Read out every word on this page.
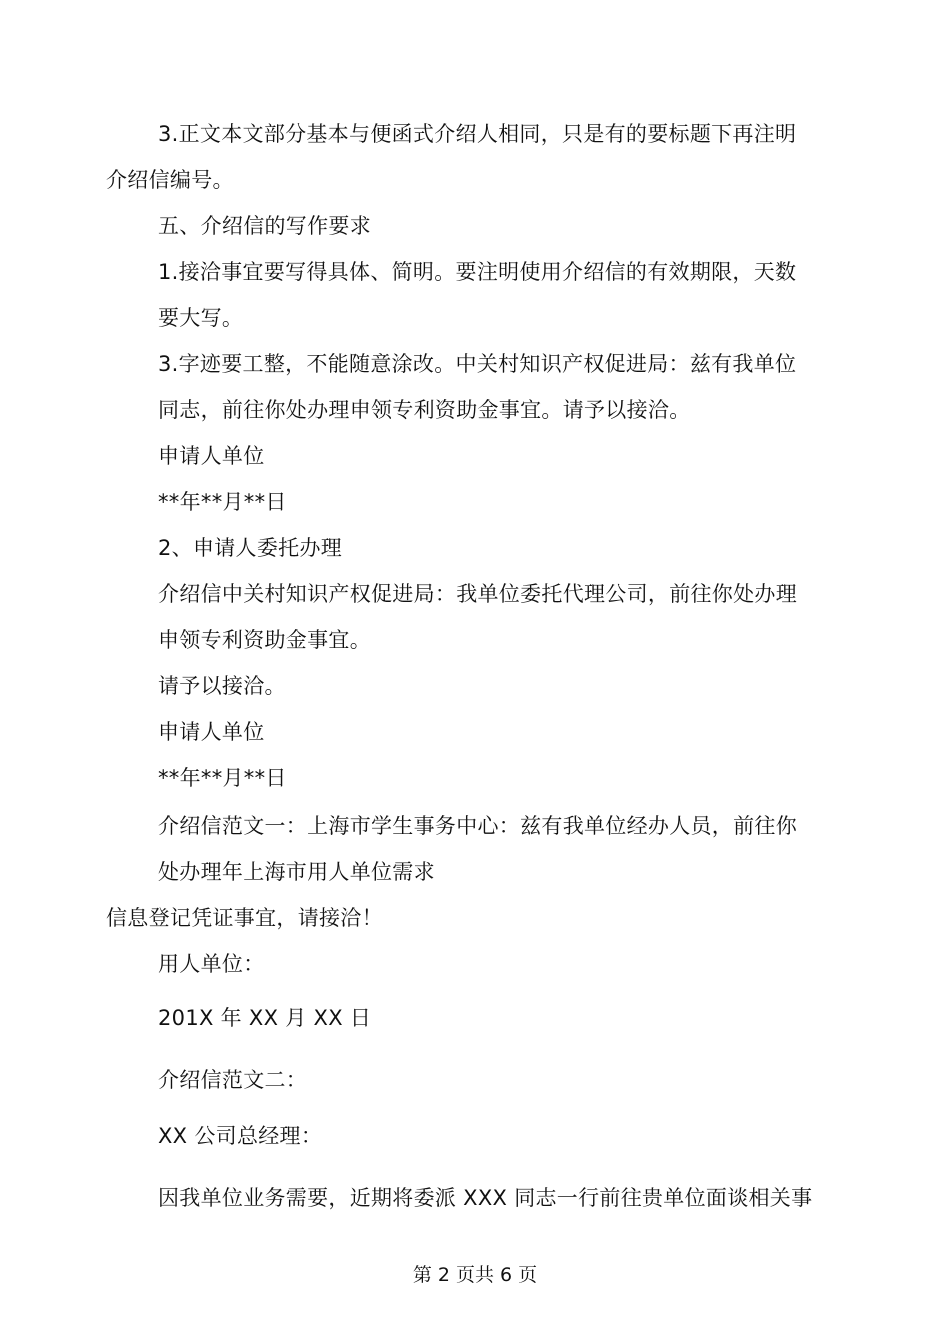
3.正文本文部分基本与便函式介绍人相同，只是有的要标题下再注明
介绍信编号。
五、介绍信的写作要求
1.接洽事宜要写得具体、简明。要注明使用介绍信的有效期限，天数
要大写。
3.字迹要工整，不能随意涂改。中关村知识产权促进局：兹有我单位
同志，前往你处办理申领专利资助金事宜。请予以接洽。
申请人单位
**年**月**日
2、申请人委托办理
介绍信中关村知识产权促进局：我单位委托代理公司，前往你处办理
申领专利资助金事宜。
请予以接洽。
申请人单位
**年**月**日
介绍信范文一：上海市学生事务中心：兹有我单位经办人员，前往你
处办理年上海市用人单位需求
信息登记凭证事宜，请接洽！
用人单位：
201X 年 XX 月 XX 日
介绍信范文二：
XX 公司总经理：
因我单位业务需要，近期将委派 XXX 同志一行前往贵单位面谈相关事
第 2 页共 6 页
